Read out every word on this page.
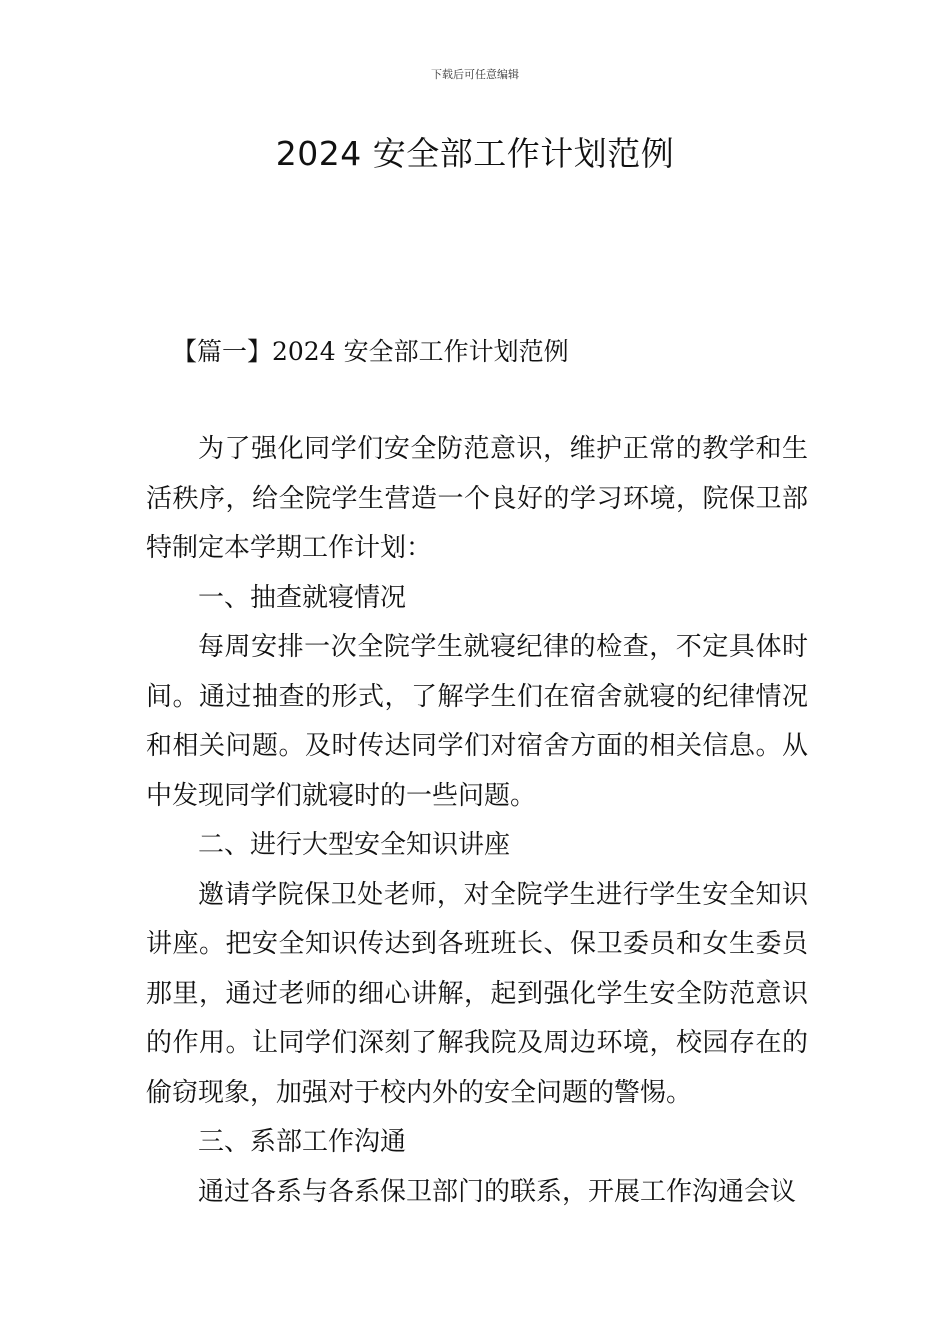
下载后可任意编辑
2024 安全部工作计划范例
【篇一】2024 安全部工作计划范例

为了强化同学们安全防范意识，维护正常的教学和生活秩序，给全院学生营造一个良好的学习环境，院保卫部特制定本学期工作计划：

一、抽查就寝情况

每周安排一次全院学生就寝纪律的检查，不定具体时间。通过抽查的形式，了解学生们在宿舍就寝的纪律情况和相关问题。及时传达同学们对宿舍方面的相关信息。从中发现同学们就寝时的一些问题。

二、进行大型安全知识讲座

邀请学院保卫处老师，对全院学生进行学生安全知识讲座。把安全知识传达到各班班长、保卫委员和女生委员那里，通过老师的细心讲解，起到强化学生安全防范意识的作用。让同学们深刻了解我院及周边环境，校园存在的偷窃现象，加强对于校内外的安全问题的警惕。

三、系部工作沟通

通过各系与各系保卫部门的联系，开展工作沟通会议
